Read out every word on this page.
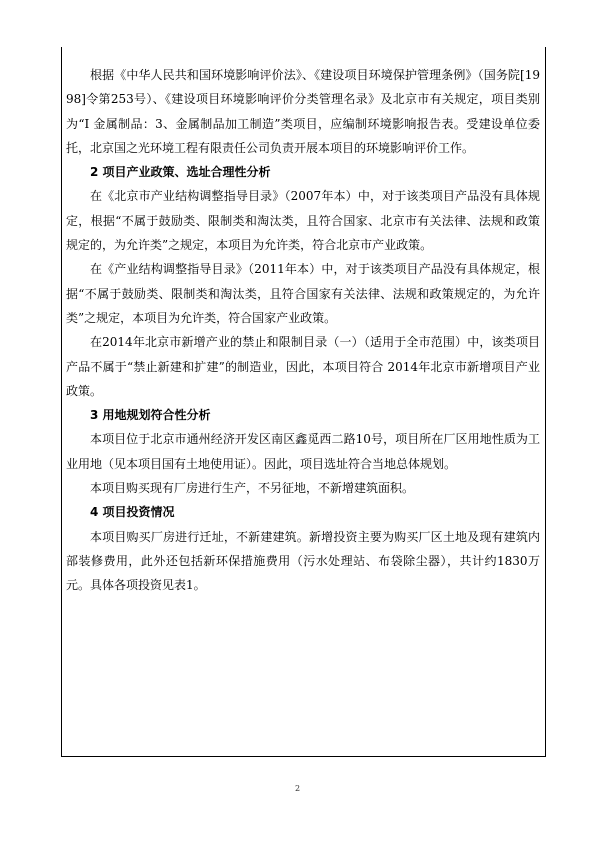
根据《中华人民共和国环境影响评价法》、《建设项目环境保护管理条例》（国务院[1998]令第253号）、《建设项目环境影响评价分类管理名录》及北京市有关规定，项目类别为“I 金属制品：3、金属制品加工制造”类项目，应编制环境影响报告表。受建设单位委托，北京国之光环境工程有限责任公司负责开展本项目的环境影响评价工作。

2 项目产业政策、选址合理性分析

在《北京市产业结构调整指导目录》（2007年本）中，对于该类项目产品没有具体规定，根据“不属于鼓励类、限制类和淘汰类，且符合国家、北京市有关法律、法规和政策规定的，为允许类”之规定，本项目为允许类，符合北京市产业政策。

在《产业结构调整指导目录》（2011年本）中，对于该类项目产品没有具体规定，根据“不属于鼓励类、限制类和淘汰类，且符合国家有关法律、法规和政策规定的，为允许类”之规定，本项目为允许类，符合国家产业政策。

在2014年北京市新增产业的禁止和限制目录（一）（适用于全市范围）中，该类项目产品不属于“禁止新建和扩建”的制造业，因此，本项目符合 2014年北京市新增项目产业政策。

3 用地规划符合性分析

本项目位于北京市通州经济开发区南区鑫觅西二路10号，项目所在厂区用地性质为工业用地（见本项目国有土地使用证）。因此，项目选址符合当地总体规划。

本项目购买现有厂房进行生产，不另征地，不新增建筑面积。

4 项目投资情况

本项目购买厂房进行迁址，不新建建筑。新增投资主要为购买厂区土地及现有建筑内部装修费用，此外还包括新环保措施费用（污水处理站、布袋除尘器），共计约1830万元。具体各项投资见表1。

2
